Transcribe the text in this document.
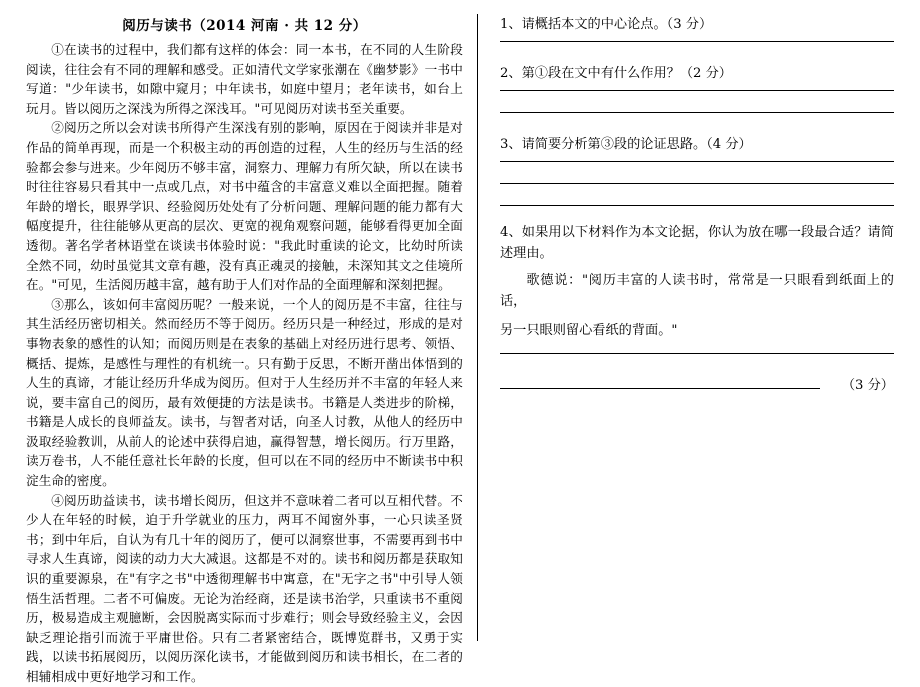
阅历与读书（2014 河南 · 共 12 分）

①在读书的过程中，我们都有这样的体会：同一本书，在不同的人生阶段阅读，往往会有不同的理解和感受。正如清代文学家张潮在《幽梦影》一书中写道："少年读书，如隙中窥月；中年读书，如庭中望月；老年读书，如台上玩月。皆以阅历之深浅为所得之深浅耳。"可见阅历对读书至关重要。

②阅历之所以会对读书所得产生深浅有别的影响，原因在于阅读并非是对作品的简单再现，而是一个积极主动的再创造的过程，人生的经历与生活的经验都会参与进来。少年阅历不够丰富，洞察力、理解力有所欠缺，所以在读书时往往容易只看其中一点或几点，对书中蕴含的丰富意义难以全面把握。随着年龄的增长，眼界学识、经验阅历处处有了分析问题、理解问题的能力都有大幅度提升，往往能够从更高的层次、更宽的视角观察问题，能够看得更加全面透彻。著名学者林语堂在谈读书体验时说："我此时重读的论文，比幼时所读全然不同，幼时虽觉其文章有趣，没有真正魂灵的接触，未深知其文之佳境所在。"可见，生活阅历越丰富，越有助于人们对作品的全面理解和深刻把握。

③那么，该如何丰富阅历呢？一般来说，一个人的阅历是不丰富，往往与其生活经历密切相关。然而经历不等于阅历。经历只是一种经过，形成的是对事物表象的感性的认知；而阅历则是在表象的基础上对经历进行思考、领悟、概括、提炼，是感性与理性的有机统一。只有勤于反思，不断开凿出体悟到的人生的真谛，才能让经历升华成为阅历。但对于人生经历并不丰富的年轻人来说，要丰富自己的阅历，最有效便捷的方法是读书。书籍是人类进步的阶梯，书籍是人成长的良师益友。读书，与智者对话，向圣人讨教，从他人的经历中汲取经验教训，从前人的论述中获得启迪，赢得智慧，增长阅历。行万里路，读万卷书，人不能任意社长年龄的长度，但可以在不同的经历中不断读书中积淀生命的密度。

④阅历助益读书，读书增长阅历，但这并不意味着二者可以互相代替。不少人在年轻的时候，迫于升学就业的压力，两耳不闻窗外事，一心只读圣贤书；到中年后，自认为有几十年的阅历了，便可以洞察世事，不需要再到书中寻求人生真谛，阅读的动力大大减退。这都是不对的。读书和阅历都是获取知识的重要源泉，在"有字之书"中透彻理解书中寓意，在"无字之书"中引导人领悟生活哲理。二者不可偏废。无论为治经商，还是读书治学，只重读书不重阅历，极易造成主观臆断，会因脱离实际而寸步难行；则会导致经验主义，会因缺乏理论指引而流于平庸世俗。只有二者紧密结合，既博览群书，又勇于实践，以读书拓展阅历，以阅历深化读书，才能做到阅历和读书相长，在二者的相辅相成中更好地学习和工作。

1、请概括本文的中心论点。（3 分）

2、第①段在文中有什么作用？（2 分）

3、请简要分析第③段的论证思路。（4 分）

4、如果用以下材料作为本文论据，你认为放在哪一段最合适？请简述理由。

歌德说："阅历丰富的人读书时，常常是一只眼看到纸面上的话，

另一只眼则留心看纸的背面。"

（3 分）
